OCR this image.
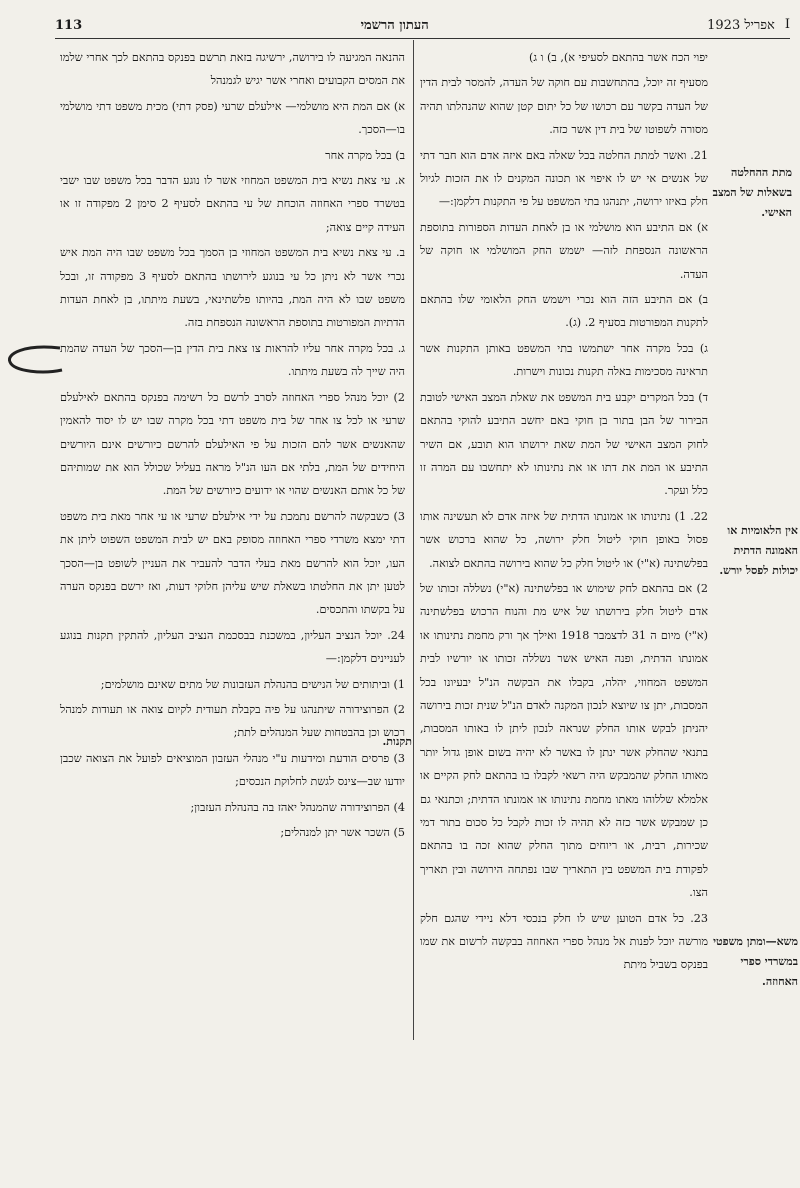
I
אפריל 1923
העתון הרשמי
113
מתת ההחלטה בשאלות של המצב האישי.
אין הלאומיות או האמונה הדתית יכולות לפסל יורש.
תקנות.
משא—ומתן משפטי במשרדי ספרי האחוזה.

יפוי הכח אשר בהתאם לסעיפי א), ב) ו ג)

מסעיף זה יוכל, בהתחשבות עם חוקה של העדה, להמסר לבית הדין של העדה בקשר עם רכושו של כל יתום קטן שהוא שהנהלתו תהיה מסורה לשפוטו של בית דין אשר כזה.

21. ואשר למתת החלטה בכל שאלה באם איזה אדם הוא חבר דתי של אנשים אי יש לו איפוי או תכונה המקנים לו את הזכות לגיול חלק באיזו ירושה, יתנהגו בתי המשפט על פי התקנות דלקמן:—

א) אם התיבע הוא מושלמי או בן לאחת העדות הספורות בתוספת הראשונה הנספחת לזה— ישמש החק המושלמי או חוקה של העדה.

ב) אם התיבע הזה הוא נכרי וישמש החק הלאומי שלו בהתאם לתקנות המפורטות בסעיף 2. (ג).

ג) בכל מקרה אחר ישתמשו בתי המשפט באותן התקנות אשר תראינה מסכימות באלה תקנות נכונות וישרות.

ד) בכל המקרים יקבע בית המשפט את שאלת המצב האישי לטובת הבירור של הבן בתור בן חוקי באם יחשב התיבע להוקי בהתאם לחוק המצב האישי של המת שאת ירושתו הוא תובע, אם השיר התיבע או המת את דתו או את נתינותו לא יתחשבו עם המרה זו כלל ועקר.

22. 1) נתינותו או אמונתו הדתית של איזה אדם לא תעשינה אותו פסול באופן חוקי ליטול חלק ירושה, כל שהוא ברכוש אשר בפלשתינה (א"י) או ליטול חלק כל שהוא בירושה בהתאם לצואה.

2) אם בהתאם לחק שימוש או בפלשתינה (א"י) נשללה זכותו של אדם ליטול חלק בירושתו של איש מת והנוח הרכוש בפלשתינה (א"י) מיום ה 31 לדצמבר 1918 ואילך אך ורק מחמת נתינותו או אמונתו הדתית, ופנה האיש אשר נשללה זכותו או יורשיו לבית המשפט המחוזי, יהלה, בקבלו את הבקשה הנ"ל יבעיונו בכל המסבות, יתן צו שיוצא לנכון המקנה לאדם הנ"ל שנית זכות בירושה יהניתן לבקש אותו החלק שנראה לנכון ליתן לו באותו המסבות, בתנאי שהחלק אשר ינתן לו באשר לא יהיה בשום אופן גדול יותר מאותו החלק שהמבקש היה רשאי לקבלו בו בהתאם לחק הקיים או אלמלא שללוהו מאתו מחמת נתינותו או אמונתו הדתית; וכתנאי גם כן שמבקש אשר כזה לא תהיה לו זכות לקבל כל סכום בתור דמי שכירות, רבית, או ריוחים מתוך החלק שהוא זכה בו בהתאם לפקודת בית המשפט בין התאריך שבו נפתחה הירושה ובין תאריך הצו.

23. כל אדם הטוען שיש לו חלק בנכסי דלא ניידי שהגם חלק מורשה יוכל לפנות אל מנהל ספרי האחוזה בבקשה לרשום את שמו בפנקס בשביל מיתת

ההנאה המגיעה לו בירושה, ירשיגה בזאת תרשם בפנקס בהתאם לכך אחרי שלמו את המסים הקבועים ואחרי אשר יגיש לגמנהל

א) אם המת היא מושלמי— אילעלם שרעי (פסק דתי) מכית משפט דתי מושלמי בו—הסכך.

ב) בכל מקרה אחר

א. עי צאת נשיא בית המשפט המחוזי אשר לו נוגע הדבר בכל משפט שבו ישבי בטשרד ספרי האחוזה הוכחת של עי בהתאם לסעיף 2 סימן 2 מפקודה זו או העידה קיים צואה;

ב. עי צאת נשיא בית המשפט המחוזי בן הסמך בכל משפט שבו היה המת איש נכרי אשר לא ניתן כל עי בנוגע לירושתו בהתאם לסעיף 3 מפקודה זו, ובכל משפט שבו לא היה המת, בהיותו פלשתינאי, בשעת מיתתו, בן לאחת העדות הדתיות המפורטות בתוספת הראשונה הנספחת בזה.

ג. בכל מקרה אחר עליו להראות צו צאת בית הדין בן—הסכך של העדה שהמת היה שייך לה בשעת מיתתו.

2) יוכל מנהל ספרי האחוזה לסרב לרשם כל רשימה בפנקס בהתאם לאילעלם שרעי או לכל צו אחר של בית משפט דתי בכל מקרה שבו יש לו יסוד להאמין שהאנשים אשר להם הזכות על פי האילעלם להרשם כיורשים אינם היורשים היחידים של המת, בלתי אם העו הנ"ל מראה בעליל שכולל הוא את שמותיהם של כל אותם האנשים שהוי או ידועים כיורשים של המת.

3) כשבקשה להרשם נתמכת על ידי אילעלם שרעי או עי אחר מאת בית משפט דתי ימצא משרדי ספרי האחוזה מסופק באם יש לבית המשפט השפוט ליתן את העו, יוכל הוא להרשם מאת בעלי הדבר להעביר את העניין לשופט בן—הסכך לטען יתן את החלטתו בשאלת שיש עליהן חלוקי דעות, ואז ירשם בפנקס הערה על בקשתו והתכסים.

24. יוכל הנציב העליון, במשכנת בבסכמת הנציב העליון, להתקין תקנות בנוגע לעניינים דלקמן:—

1) וביתותים של הנישים בהנהלת העזבונות של מתים שאינם מושלמים;

2) הפרוצידורה שיתנהגו על פיה בקבלת תעודית לקיום צואה או תעודות למנהל רכוש וכן בהבטחות שעל המנהלים לתת;

3) פרסים הודעת ומידעות ע"י מנהלי העזבון המוציאים לפועל את הצואה שכבן יודעו שב—צינס לגשת לחלוקת הנכסים;

4) הפרוצידורה שהמנהל יאהז בה בהנהלת העזבון;

5) השכר אשר יתן למנהלים;
